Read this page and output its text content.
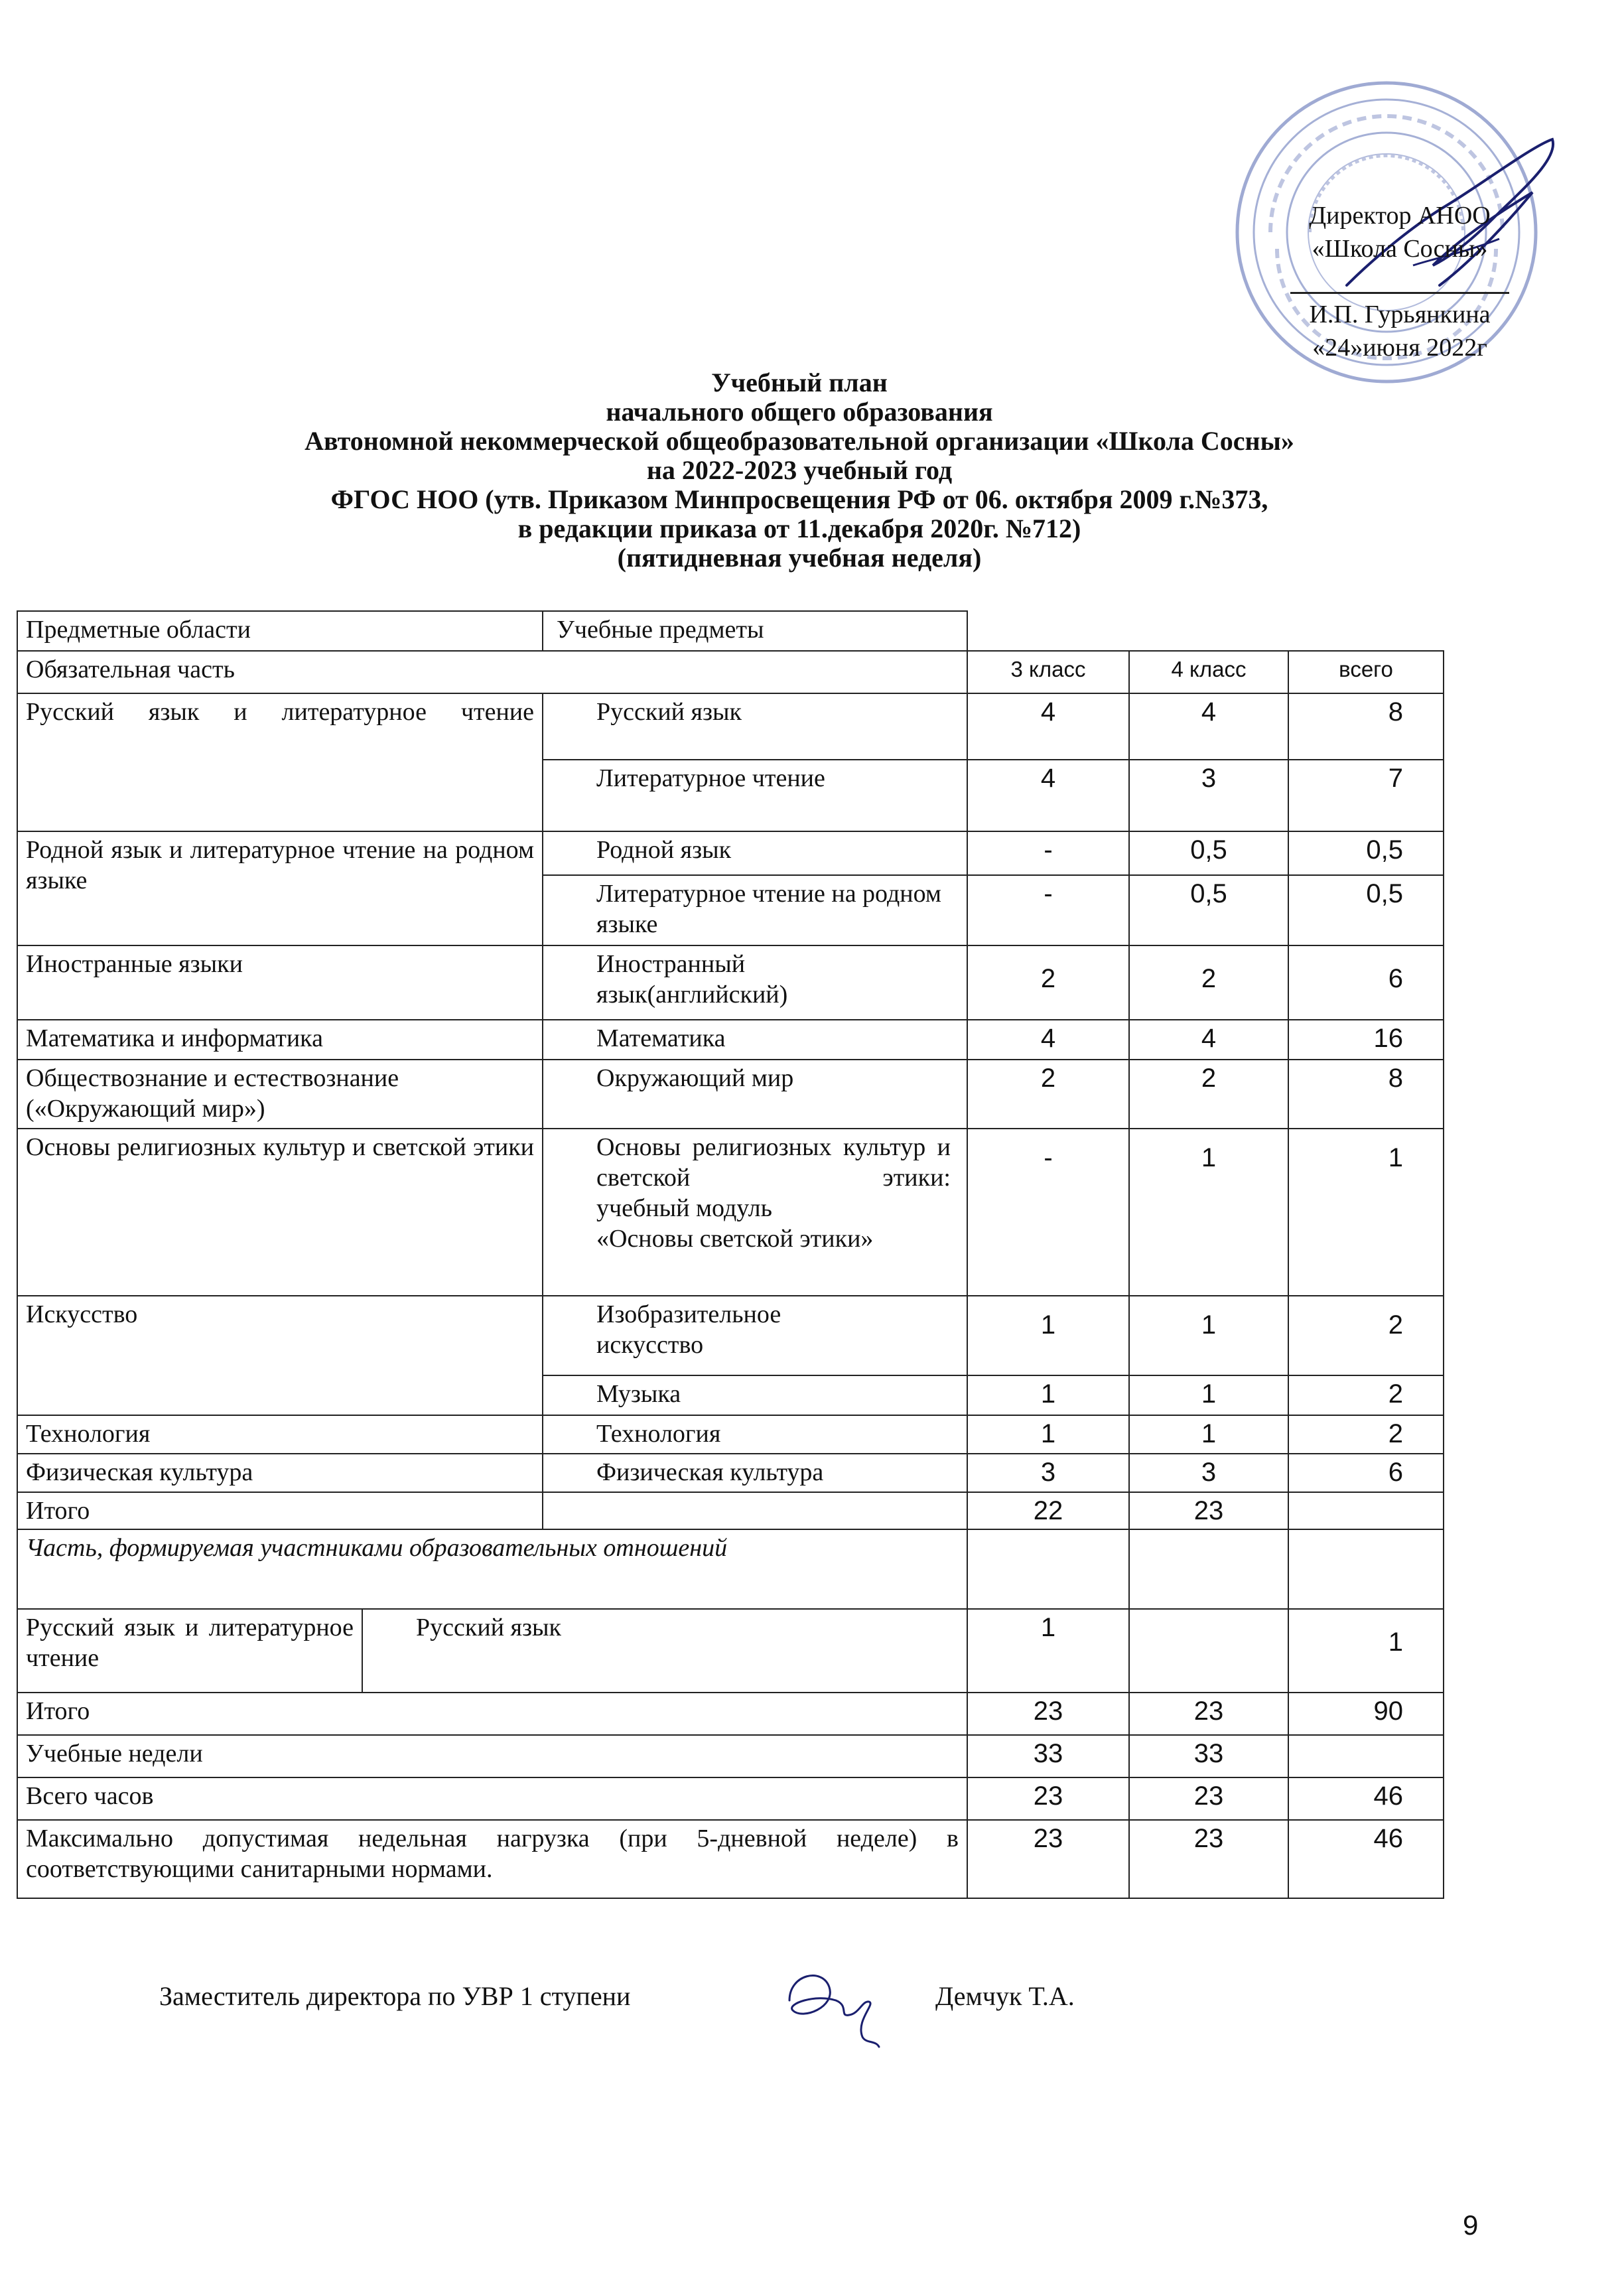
Директор АНОО
«Школа Сосны»
И.П. Гурьянкина
«24»июня 2022г
Учебный план
начального общего образования
Автономной некоммерческой общеобразовательной организации «Школа Сосны»
на 2022-2023 учебный год
ФГОС НОО (утв. Приказом Минпросвещения РФ от 06. октября 2009 г.№373,
в редакции приказа от 11.декабря 2020г. №712)
(пятидневная учебная неделя)
Предметные области		Учебные предметы			
Обязательная часть			3 класс	4 класс	всего
Русский язык и литературное чтение		Русский язык	4	4	8
		Литературное чтение	4	3	7
Родной язык и литературное чтение на родном языке		Родной язык	-	0,5	0,5
		Литературное чтение на родном языке	-	0,5	0,5
Иностранные языки		Иностранный язык(английский)	2	2	6
Математика и информатика		Математика	4	4	16
Обществознание и естествознание («Окружающий мир»)		Окружающий мир	2	2	8
Основы религиозных культур и светской этики		Основы религиозных культур и светской этики:
учебный модуль
«Основы светской этики»	-	1	1
Искусство		Изобразительное искусство	1	1	2
		Музыка	1	1	2
Технология		Технология	1	1	2
Физическая культура		Физическая культура	3	3	6
Итого			22	23	
Часть, формируемая участниками образовательных отношений					
Русский язык и литературное чтение	Русский язык		1		1
Итого			23	23	90
Учебные недели			33	33	
Всего часов			23	23	46
Максимально допустимая недельная нагрузка (при 5-дневной неделе) в соответствующими санитарными нормами.			23	23	46
Заместитель директора по УВР 1 ступени	Демчук Т.А.
9
